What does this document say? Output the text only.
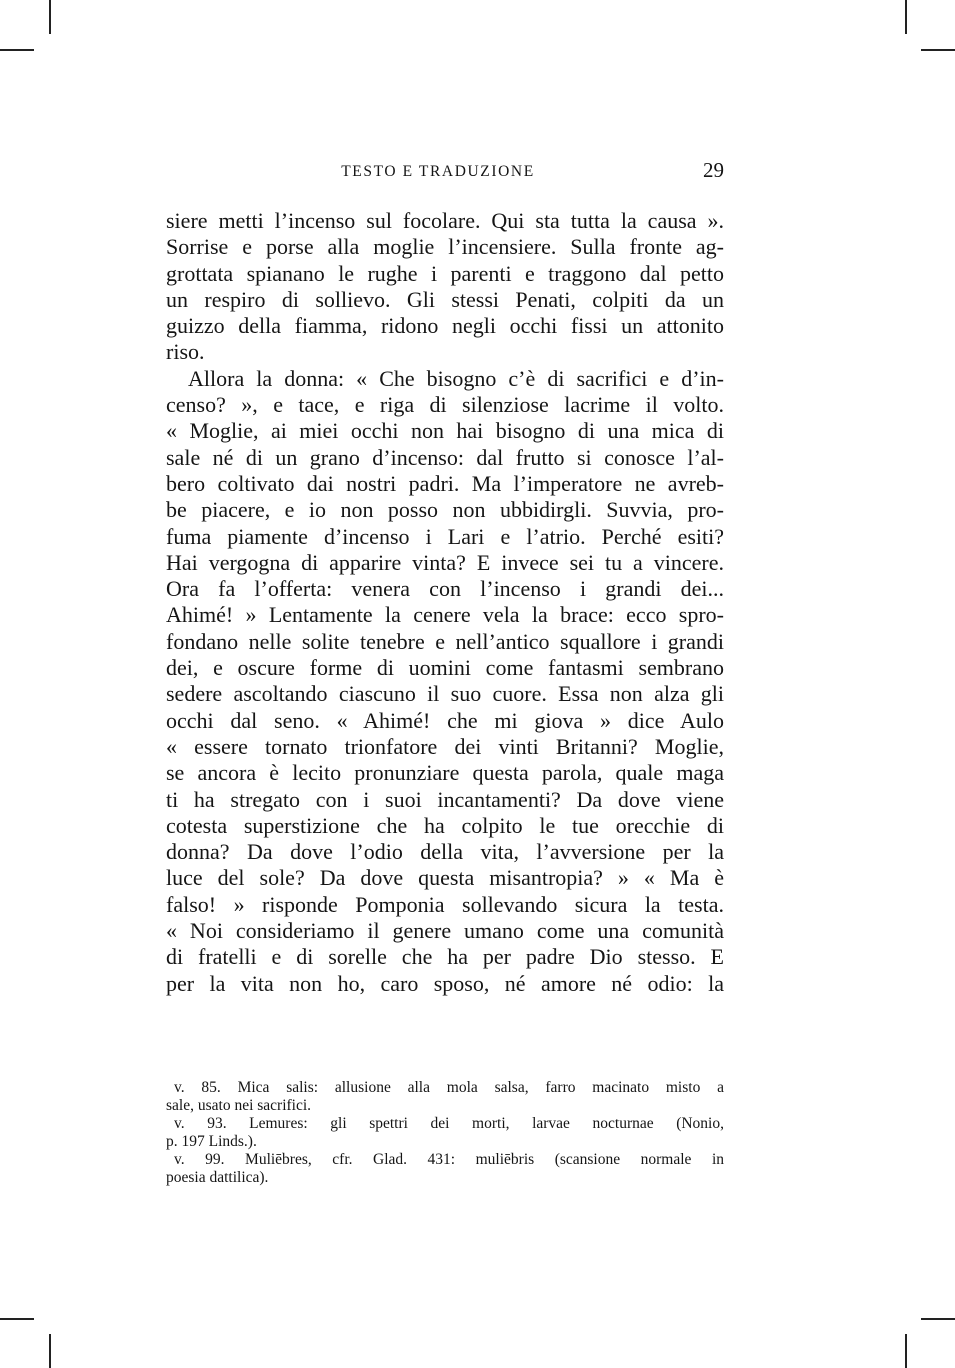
TESTO E TRADUZIONE	29
siere metti l’incenso sul focolare. Qui sta tutta la causa ».
Sorrise e porse alla moglie l’incensiere. Sulla fronte ag-
grottata spianano le rughe i parenti e traggono dal petto
un respiro di sollievo. Gli stessi Penati, colpiti da un
guizzo della fiamma, ridono negli occhi fissi un attonito
riso.
Allora la donna: « Che bisogno c’è di sacrifici e d’in-
censo? », e tace, e riga di silenziose lacrime il volto.
« Moglie, ai miei occhi non hai bisogno di una mica di
sale né di un grano d’incenso: dal frutto si conosce l’al-
bero coltivato dai nostri padri. Ma l’imperatore ne avreb-
be piacere, e io non posso non ubbidirgli. Suvvia, pro-
fuma piamente d’incenso i Lari e l’atrio. Perché esiti?
Hai vergogna di apparire vinta? E invece sei tu a vincere.
Ora fa l’offerta: venera con l’incenso i grandi dei...
Ahimé! » Lentamente la cenere vela la brace: ecco spro-
fondano nelle solite tenebre e nell’antico squallore i grandi
dei, e oscure forme di uomini come fantasmi sembrano
sedere ascoltando ciascuno il suo cuore. Essa non alza gli
occhi dal seno. « Ahimé! che mi giova » dice Aulo
« essere tornato trionfatore dei vinti Britanni? Moglie,
se ancora è lecito pronunziare questa parola, quale maga
ti ha stregato con i suoi incantamenti? Da dove viene
cotesta superstizione che ha colpito le tue orecchie di
donna? Da dove l’odio della vita, l’avversione per la
luce del sole? Da dove questa misantropia? » « Ma è
falso! » risponde Pomponia sollevando sicura la testa.
« Noi consideriamo il genere umano come una comunità
di fratelli e di sorelle che ha per padre Dio stesso. E
per la vita non ho, caro sposo, né amore né odio: la
v. 85. Mica salis: allusione alla mola salsa, farro macinato misto a
sale, usato nei sacrifici.
v. 93. Lemures: gli spettri dei morti, larvae nocturnae (Nonio,
p. 197 Linds.).
v. 99. Muliēbres, cfr. Glad. 431: muliēbris (scansione normale in
poesia dattilica).
